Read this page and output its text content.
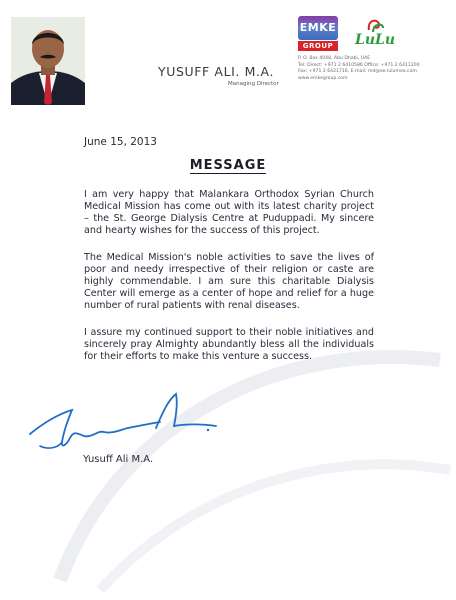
YUSUFF ALI. M.A.
Managing Director
EMKE
GROUP	LuLu
P. O. Box 4048, Abu Dhabi, UAE
Tel: Direct: +971 2 6410586 Office: +971 2 6411200
Fax: +971 2 6421716, E-mail: md@ae.lulumea.com
www.emkegroup.com
June 15, 2013
MESSAGE

I am very happy that Malankara Orthodox Syrian Church Medical Mission has come out with its latest charity project – the St. George Dialysis Centre at Puduppadi. My sincere and hearty wishes for the success of this project.

The Medical Mission's noble activities to save the lives of poor and needy irrespective of their religion or caste are highly commendable. I am sure this charitable Dialysis Center will emerge as a center of hope and relief for a huge number of rural patients with renal diseases.

I assure my continued support to their noble initiatives and sincerely pray Almighty abundantly bless all the individuals for their efforts to make this venture a success.

Yusuff Ali M.A.
